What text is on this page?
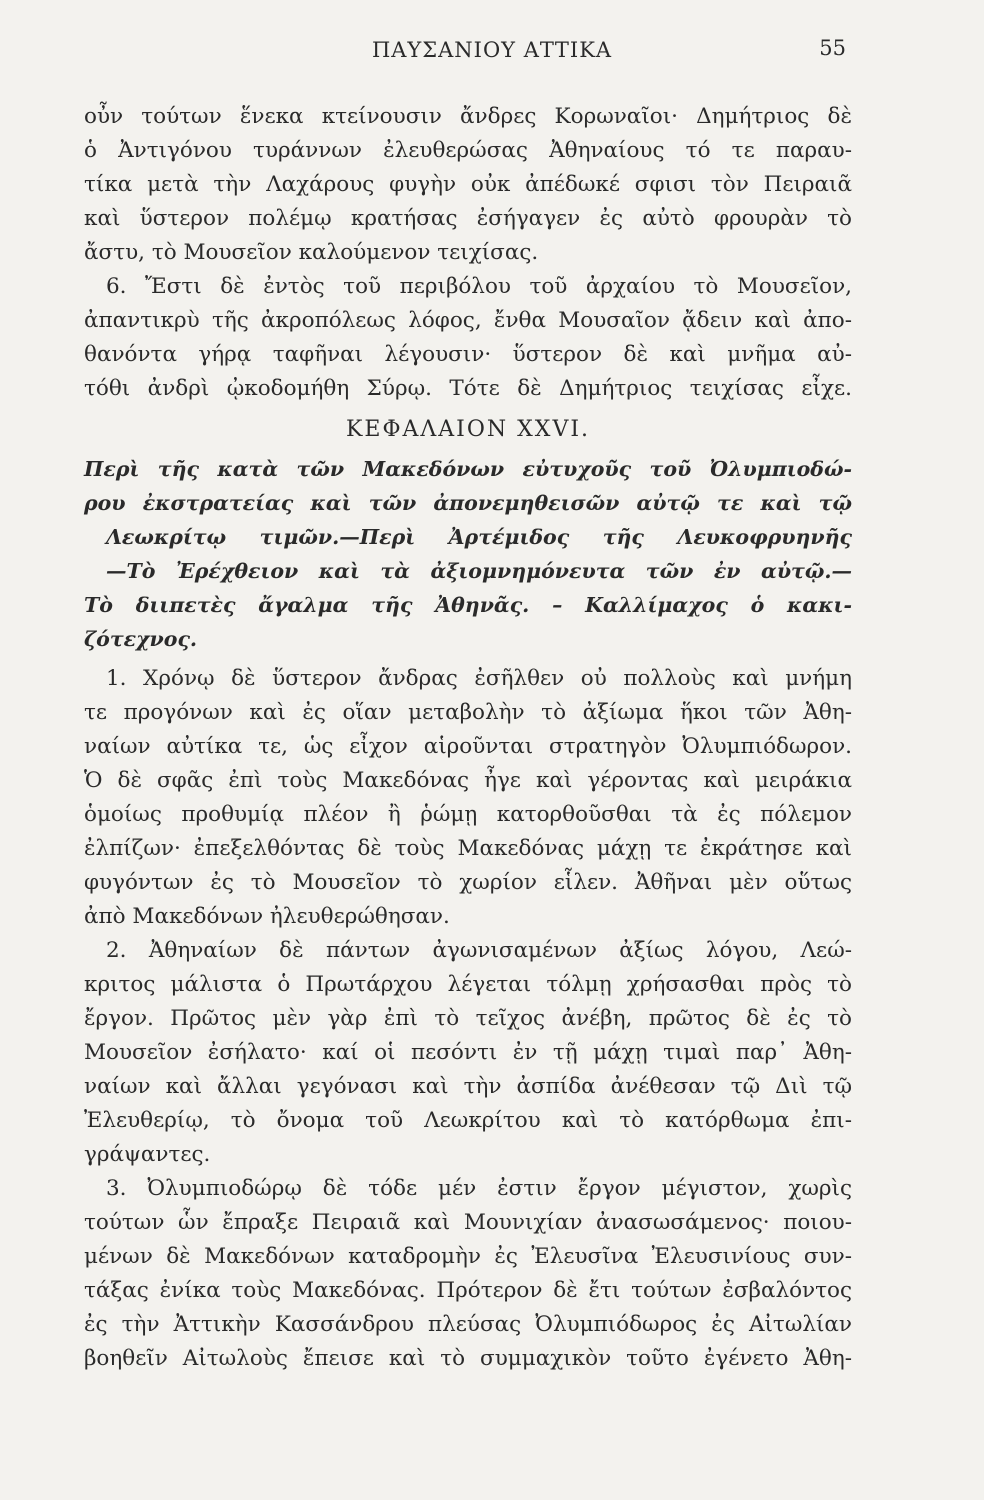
ΠΑΥΣΑΝΙΟΥ ΑΤΤΙΚΑ	55
οὖν τούτων ἕνεκα κτείνουσιν ἄνδρες Κορωναῖοι· Δημήτριος δὲ
ὁ Ἀντιγόνου τυράννων ἐλευθερώσας Ἀθηναίους τό τε παραυ-
τίκα μετὰ τὴν Λαχάρους φυγὴν οὐκ ἀπέδωκέ σφισι τὸν Πειραιᾶ
καὶ ὕστερον πολέμῳ κρατήσας ἐσήγαγεν ἐς αὐτὸ φρουρὰν τὸ
ἄστυ, τὸ Μουσεῖον καλούμενον τειχίσας.
6. Ἔστι δὲ ἐντὸς τοῦ περιβόλου τοῦ ἀρχαίου τὸ Μουσεῖον,
ἀπαντικρὺ τῆς ἀκροπόλεως λόφος, ἔνθα Μουσαῖον ᾄδειν καὶ ἀπο-
θανόντα γήρᾳ ταφῆναι λέγουσιν· ὕστερον δὲ καὶ μνῆμα αὐ-
τόθι ἀνδρὶ ᾠκοδομήθη Σύρῳ. Τότε δὲ Δημήτριος τειχίσας εἶχε.
ΚΕΦΑΛΑΙΟΝ XXVI.
Περὶ τῆς κατὰ τῶν Μακεδόνων εὐτυχοῦς τοῦ Ὀλυμπιοδώ-
ρου ἐκστρατείας καὶ τῶν ἀπονεμηθεισῶν αὐτῷ τε καὶ τῷ
Λεωκρίτῳ τιμῶν.—Περὶ Ἀρτέμιδος τῆς Λευκοφρυηνῆς
—Τὸ Ἐρέχθειον καὶ τὰ ἀξιομνημόνευτα τῶν ἐν αὐτῷ.—
Τὸ διιπετὲς ἄγαλμα τῆς Ἀθηνᾶς. – Καλλίμαχος ὁ κακι-
ζότεχνος.
1. Χρόνῳ δὲ ὕστερον ἄνδρας ἐσῆλθεν οὐ πολλοὺς καὶ μνήμη
τε προγόνων καὶ ἐς οἵαν μεταβολὴν τὸ ἀξίωμα ἥκοι τῶν Ἀθη-
ναίων αὐτίκα τε, ὡς εἶχον αἱροῦνται στρατηγὸν Ὀλυμπιόδωρον.
Ὁ δὲ σφᾶς ἐπὶ τοὺς Μακεδόνας ἦγε καὶ γέροντας καὶ μειράκια
ὁμοίως προθυμίᾳ πλέον ἢ ῥώμῃ κατορθοῦσθαι τὰ ἐς πόλεμον
ἐλπίζων· ἐπεξελθόντας δὲ τοὺς Μακεδόνας μάχῃ τε ἐκράτησε καὶ
φυγόντων ἐς τὸ Μουσεῖον τὸ χωρίον εἷλεν. Ἀθῆναι μὲν οὕτως
ἀπὸ Μακεδόνων ἠλευθερώθησαν.
2. Ἀθηναίων δὲ πάντων ἀγωνισαμένων ἀξίως λόγου, Λεώ-
κριτος μάλιστα ὁ Πρωτάρχου λέγεται τόλμῃ χρήσασθαι πρὸς τὸ
ἔργον. Πρῶτος μὲν γὰρ ἐπὶ τὸ τεῖχος ἀνέβη, πρῶτος δὲ ἐς τὸ
Μουσεῖον ἐσήλατο· καί οἱ πεσόντι ἐν τῇ μάχῃ τιμαὶ παρ᾽ Ἀθη-
ναίων καὶ ἄλλαι γεγόνασι καὶ τὴν ἀσπίδα ἀνέθεσαν τῷ Διὶ τῷ
Ἐλευθερίῳ, τὸ ὄνομα τοῦ Λεωκρίτου καὶ τὸ κατόρθωμα ἐπι-
γράψαντες.
3. Ὀλυμπιοδώρῳ δὲ τόδε μέν ἐστιν ἔργον μέγιστον, χωρὶς
τούτων ὧν ἔπραξε Πειραιᾶ καὶ Μουνιχίαν ἀνασωσάμενος· ποιου-
μένων δὲ Μακεδόνων καταδρομὴν ἐς Ἐλευσῖνα Ἐλευσινίους συν-
τάξας ἐνίκα τοὺς Μακεδόνας. Πρότερον δὲ ἔτι τούτων ἐσβαλόντος
ἐς τὴν Ἀττικὴν Κασσάνδρου πλεύσας Ὀλυμπιόδωρος ἐς Αἰτωλίαν
βοηθεῖν Αἰτωλοὺς ἔπεισε καὶ τὸ συμμαχικὸν τοῦτο ἐγένετο Ἀθη-
